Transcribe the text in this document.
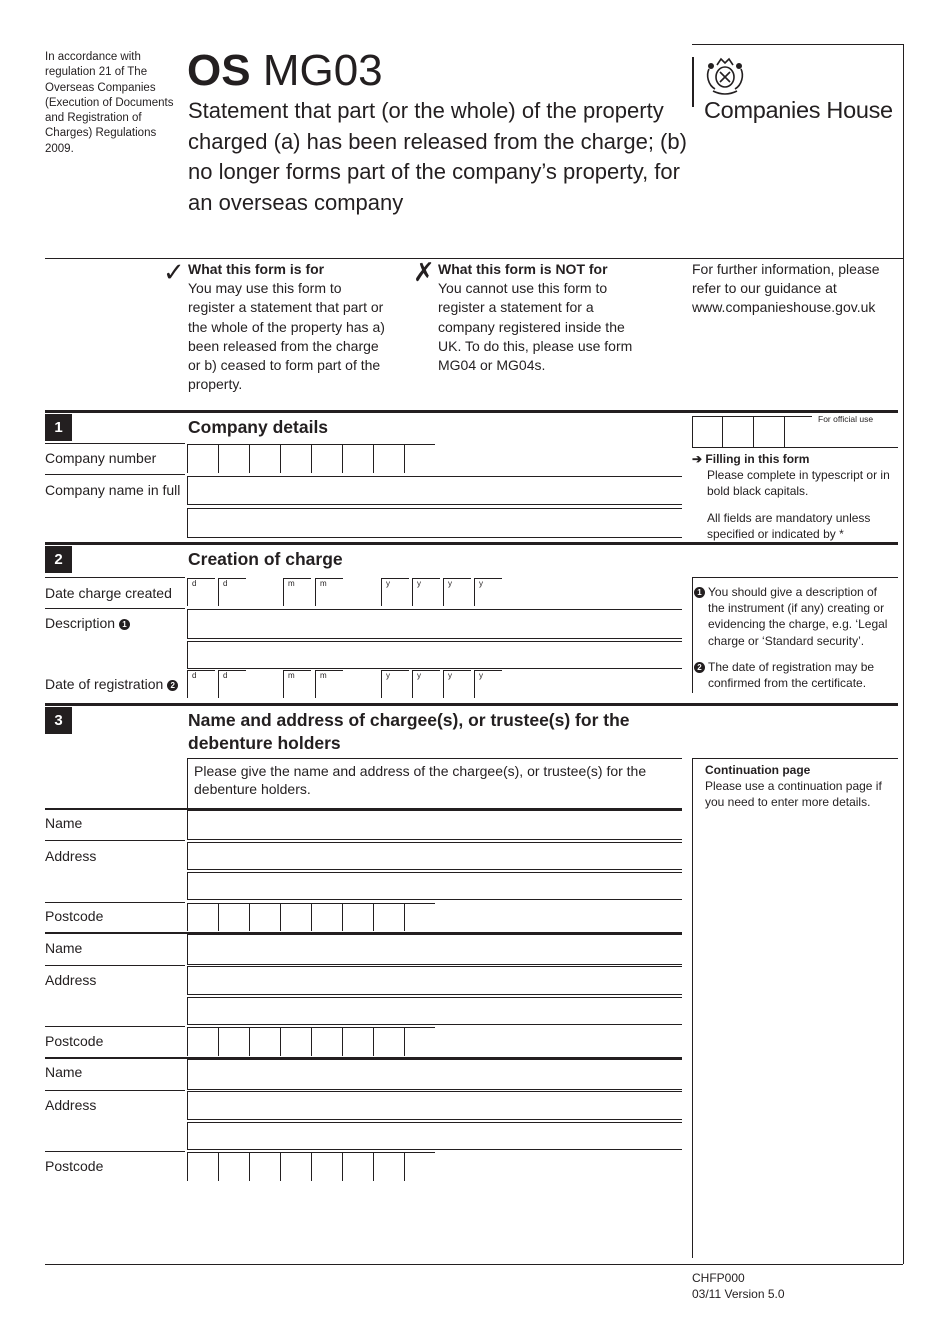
In accordance with regulation 21 of The Overseas Companies (Execution of Documents and Registration of Charges) Regulations 2009.
OS MG03
Statement that part (or the whole) of the property charged (a) has been released from the charge; (b) no longer forms part of the company’s property, for an overseas company
Companies House
✓ What this form is for
You may use this form to register a statement that part or the whole of the property has a) been released from the charge or b) ceased to form part of the property.
✗ What this form is NOT for
You cannot use this form to register a statement for a company registered inside the UK. To do this, please use form MG04 or MG04s.
For further information, please refer to our guidance at www.companieshouse.gov.uk
1	Company details
Company number
Company name in full
For official use
➔ Filling in this form
Please complete in typescript or in bold black capitals.
All fields are mandatory unless specified or indicated by *
2	Creation of charge
Date charge created
d	d	m	m	y	y	y	y
Description 1
Date of registration 2
d	d	m	m	y	y	y	y
1 You should give a description of the instrument (if any) creating or evidencing the charge, e.g. ‘Legal charge or ‘Standard security’.
2 The date of registration may be confirmed from the certificate.
3	Name and address of chargee(s), or trustee(s) for the debenture holders
Please give the name and address of the chargee(s), or trustee(s) for the debenture holders.
Continuation page
Please use a continuation page if you need to enter more details.
Name
Address
Postcode
Name
Address
Postcode
Name
Address
Postcode
CHFP000
03/11 Version 5.0
